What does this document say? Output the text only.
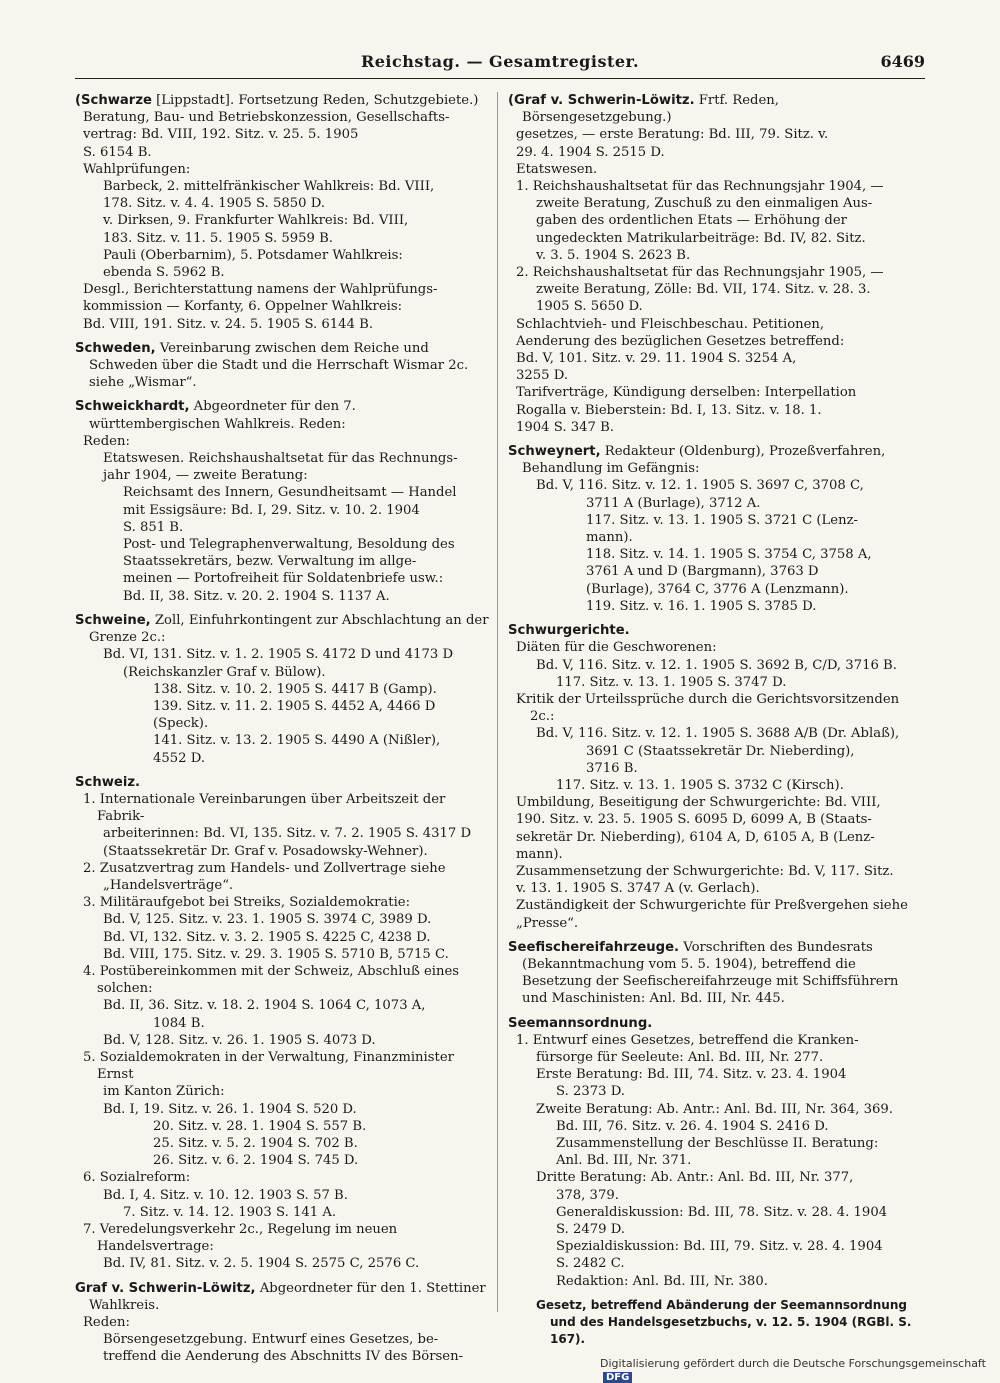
Reichstag. — Gesamtregister.	6469

(Schwarze [Lippstadt]. Fortsetzung Reden, Schutzgebiete.)

Beratung, Bau- und Betriebskonzession, Gesellschafts-

vertrag: Bd. VIII, 192. Sitz. v. 25. 5. 1905

S. 6154 B.

Wahlprüfungen:

Barbeck, 2. mittelfränkischer Wahlkreis: Bd. VIII,

178. Sitz. v. 4. 4. 1905 S. 5850 D.

v. Dirksen, 9. Frankfurter Wahlkreis: Bd. VIII,

183. Sitz. v. 11. 5. 1905 S. 5959 B.

Pauli (Oberbarnim), 5. Potsdamer Wahlkreis:

ebenda S. 5962 B.

Desgl., Berichterstattung namens der Wahlprüfungs-

kommission — Korfanty, 6. Oppelner Wahlkreis:

Bd. VIII, 191. Sitz. v. 24. 5. 1905 S. 6144 B.

Schweden, Vereinbarung zwischen dem Reiche und Schweden über die Stadt und die Herrschaft Wismar 2c. siehe „Wismar“.

Schweickhardt, Abgeordneter für den 7. württembergischen Wahlkreis. Reden:

Reden:

Etatswesen. Reichshaushaltsetat für das Rechnungs-

jahr 1904, — zweite Beratung:

Reichsamt des Innern, Gesundheitsamt — Handel

mit Essigsäure: Bd. I, 29. Sitz. v. 10. 2. 1904

S. 851 B.

Post- und Telegraphenverwaltung, Besoldung des

Staatssekretärs, bezw. Verwaltung im allge-

meinen — Portofreiheit für Soldatenbriefe usw.:

Bd. II, 38. Sitz. v. 20. 2. 1904 S. 1137 A.

Schweine, Zoll, Einfuhrkontingent zur Abschlachtung an der Grenze 2c.:

Bd. VI, 131. Sitz. v. 1. 2. 1905 S. 4172 D und 4173 D

(Reichskanzler Graf v. Bülow).

138. Sitz. v. 10. 2. 1905 S. 4417 B (Gamp).

139. Sitz. v. 11. 2. 1905 S. 4452 A, 4466 D

(Speck).

141. Sitz. v. 13. 2. 1905 S. 4490 A (Nißler),

4552 D.

Schweiz.

1. Internationale Vereinbarungen über Arbeitszeit der Fabrik-

arbeiterinnen: Bd. VI, 135. Sitz. v. 7. 2. 1905 S. 4317 D

(Staatssekretär Dr. Graf v. Posadowsky-Wehner).

2. Zusatzvertrag zum Handels- und Zollvertrage siehe

„Handelsverträge“.

3. Militäraufgebot bei Streiks, Sozialdemokratie:

Bd. V, 125. Sitz. v. 23. 1. 1905 S. 3974 C, 3989 D.

Bd. VI, 132. Sitz. v. 3. 2. 1905 S. 4225 C, 4238 D.

Bd. VIII, 175. Sitz. v. 29. 3. 1905 S. 5710 B, 5715 C.

4. Postübereinkommen mit der Schweiz, Abschluß eines solchen:

Bd. II, 36. Sitz. v. 18. 2. 1904 S. 1064 C, 1073 A,

1084 B.

Bd. V, 128. Sitz. v. 26. 1. 1905 S. 4073 D.

5. Sozialdemokraten in der Verwaltung, Finanzminister Ernst

im Kanton Zürich:

Bd. I, 19. Sitz. v. 26. 1. 1904 S. 520 D.

20. Sitz. v. 28. 1. 1904 S. 557 B.

25. Sitz. v. 5. 2. 1904 S. 702 B.

26. Sitz. v. 6. 2. 1904 S. 745 D.

6. Sozialreform:

Bd. I, 4. Sitz. v. 10. 12. 1903 S. 57 B.

7. Sitz. v. 14. 12. 1903 S. 141 A.

7. Veredelungsverkehr 2c., Regelung im neuen Handelsvertrage:

Bd. IV, 81. Sitz. v. 2. 5. 1904 S. 2575 C, 2576 C.

Graf v. Schwerin-Löwitz, Abgeordneter für den 1. Stettiner Wahlkreis.

Reden:

Börsengesetzgebung. Entwurf eines Gesetzes, be-

treffend die Aenderung des Abschnitts IV des Börsen-

(Graf v. Schwerin-Löwitz. Frtf. Reden, Börsengesetzgebung.)

gesetzes, — erste Beratung: Bd. III, 79. Sitz. v.

29. 4. 1904 S. 2515 D.

Etatswesen.

1. Reichshaushaltsetat für das Rechnungsjahr 1904, —

zweite Beratung, Zuschuß zu den einmaligen Aus-

gaben des ordentlichen Etats — Erhöhung der

ungedeckten Matrikularbeiträge: Bd. IV, 82. Sitz.

v. 3. 5. 1904 S. 2623 B.

2. Reichshaushaltsetat für das Rechnungsjahr 1905, —

zweite Beratung, Zölle: Bd. VII, 174. Sitz. v. 28. 3.

1905 S. 5650 D.

Schlachtvieh- und Fleischbeschau. Petitionen,

Aenderung des bezüglichen Gesetzes betreffend:

Bd. V, 101. Sitz. v. 29. 11. 1904 S. 3254 A,

3255 D.

Tarifverträge, Kündigung derselben: Interpellation

Rogalla v. Bieberstein: Bd. I, 13. Sitz. v. 18. 1.

1904 S. 347 B.

Schweynert, Redakteur (Oldenburg), Prozeßverfahren, Behandlung im Gefängnis:

Bd. V, 116. Sitz. v. 12. 1. 1905 S. 3697 C, 3708 C,

3711 A (Burlage), 3712 A.

117. Sitz. v. 13. 1. 1905 S. 3721 C (Lenz-

mann).

118. Sitz. v. 14. 1. 1905 S. 3754 C, 3758 A,

3761 A und D (Bargmann), 3763 D

(Burlage), 3764 C, 3776 A (Lenzmann).

119. Sitz. v. 16. 1. 1905 S. 3785 D.

Schwurgerichte.

Diäten für die Geschworenen:

Bd. V, 116. Sitz. v. 12. 1. 1905 S. 3692 B, C/D, 3716 B.

117. Sitz. v. 13. 1. 1905 S. 3747 D.

Kritik der Urteilssprüche durch die Gerichtsvorsitzenden 2c.:

Bd. V, 116. Sitz. v. 12. 1. 1905 S. 3688 A/B (Dr. Ablaß),

3691 C (Staatssekretär Dr. Nieberding),

3716 B.

117. Sitz. v. 13. 1. 1905 S. 3732 C (Kirsch).

Umbildung, Beseitigung der Schwurgerichte: Bd. VIII,

190. Sitz. v. 23. 5. 1905 S. 6095 D, 6099 A, B (Staats-

sekretär Dr. Nieberding), 6104 A, D, 6105 A, B (Lenz-

mann).

Zusammensetzung der Schwurgerichte: Bd. V, 117. Sitz.

v. 13. 1. 1905 S. 3747 A (v. Gerlach).

Zuständigkeit der Schwurgerichte für Preßvergehen siehe

„Presse“.

Seefischereifahrzeuge. Vorschriften des Bundesrats (Bekanntmachung vom 5. 5. 1904), betreffend die Besetzung der Seefischereifahrzeuge mit Schiffsführern und Maschinisten: Anl. Bd. III, Nr. 445.

Seemannsordnung.

1. Entwurf eines Gesetzes, betreffend die Kranken-

fürsorge für Seeleute: Anl. Bd. III, Nr. 277.

Erste Beratung: Bd. III, 74. Sitz. v. 23. 4. 1904

S. 2373 D.

Zweite Beratung: Ab. Antr.: Anl. Bd. III, Nr. 364, 369.

Bd. III, 76. Sitz. v. 26. 4. 1904 S. 2416 D.

Zusammenstellung der Beschlüsse II. Beratung:

Anl. Bd. III, Nr. 371.

Dritte Beratung: Ab. Antr.: Anl. Bd. III, Nr. 377,

378, 379.

Generaldiskussion: Bd. III, 78. Sitz. v. 28. 4. 1904

S. 2479 D.

Spezialdiskussion: Bd. III, 79. Sitz. v. 28. 4. 1904

S. 2482 C.

Redaktion: Anl. Bd. III, Nr. 380.

Gesetz, betreffend Abänderung der Seemannsordnung und des Handelsgesetzbuchs, v. 12. 5. 1904 (RGBl. S. 167).

Digitalisierung gefördert durch die Deutsche Forschungsgemeinschaft DFG
